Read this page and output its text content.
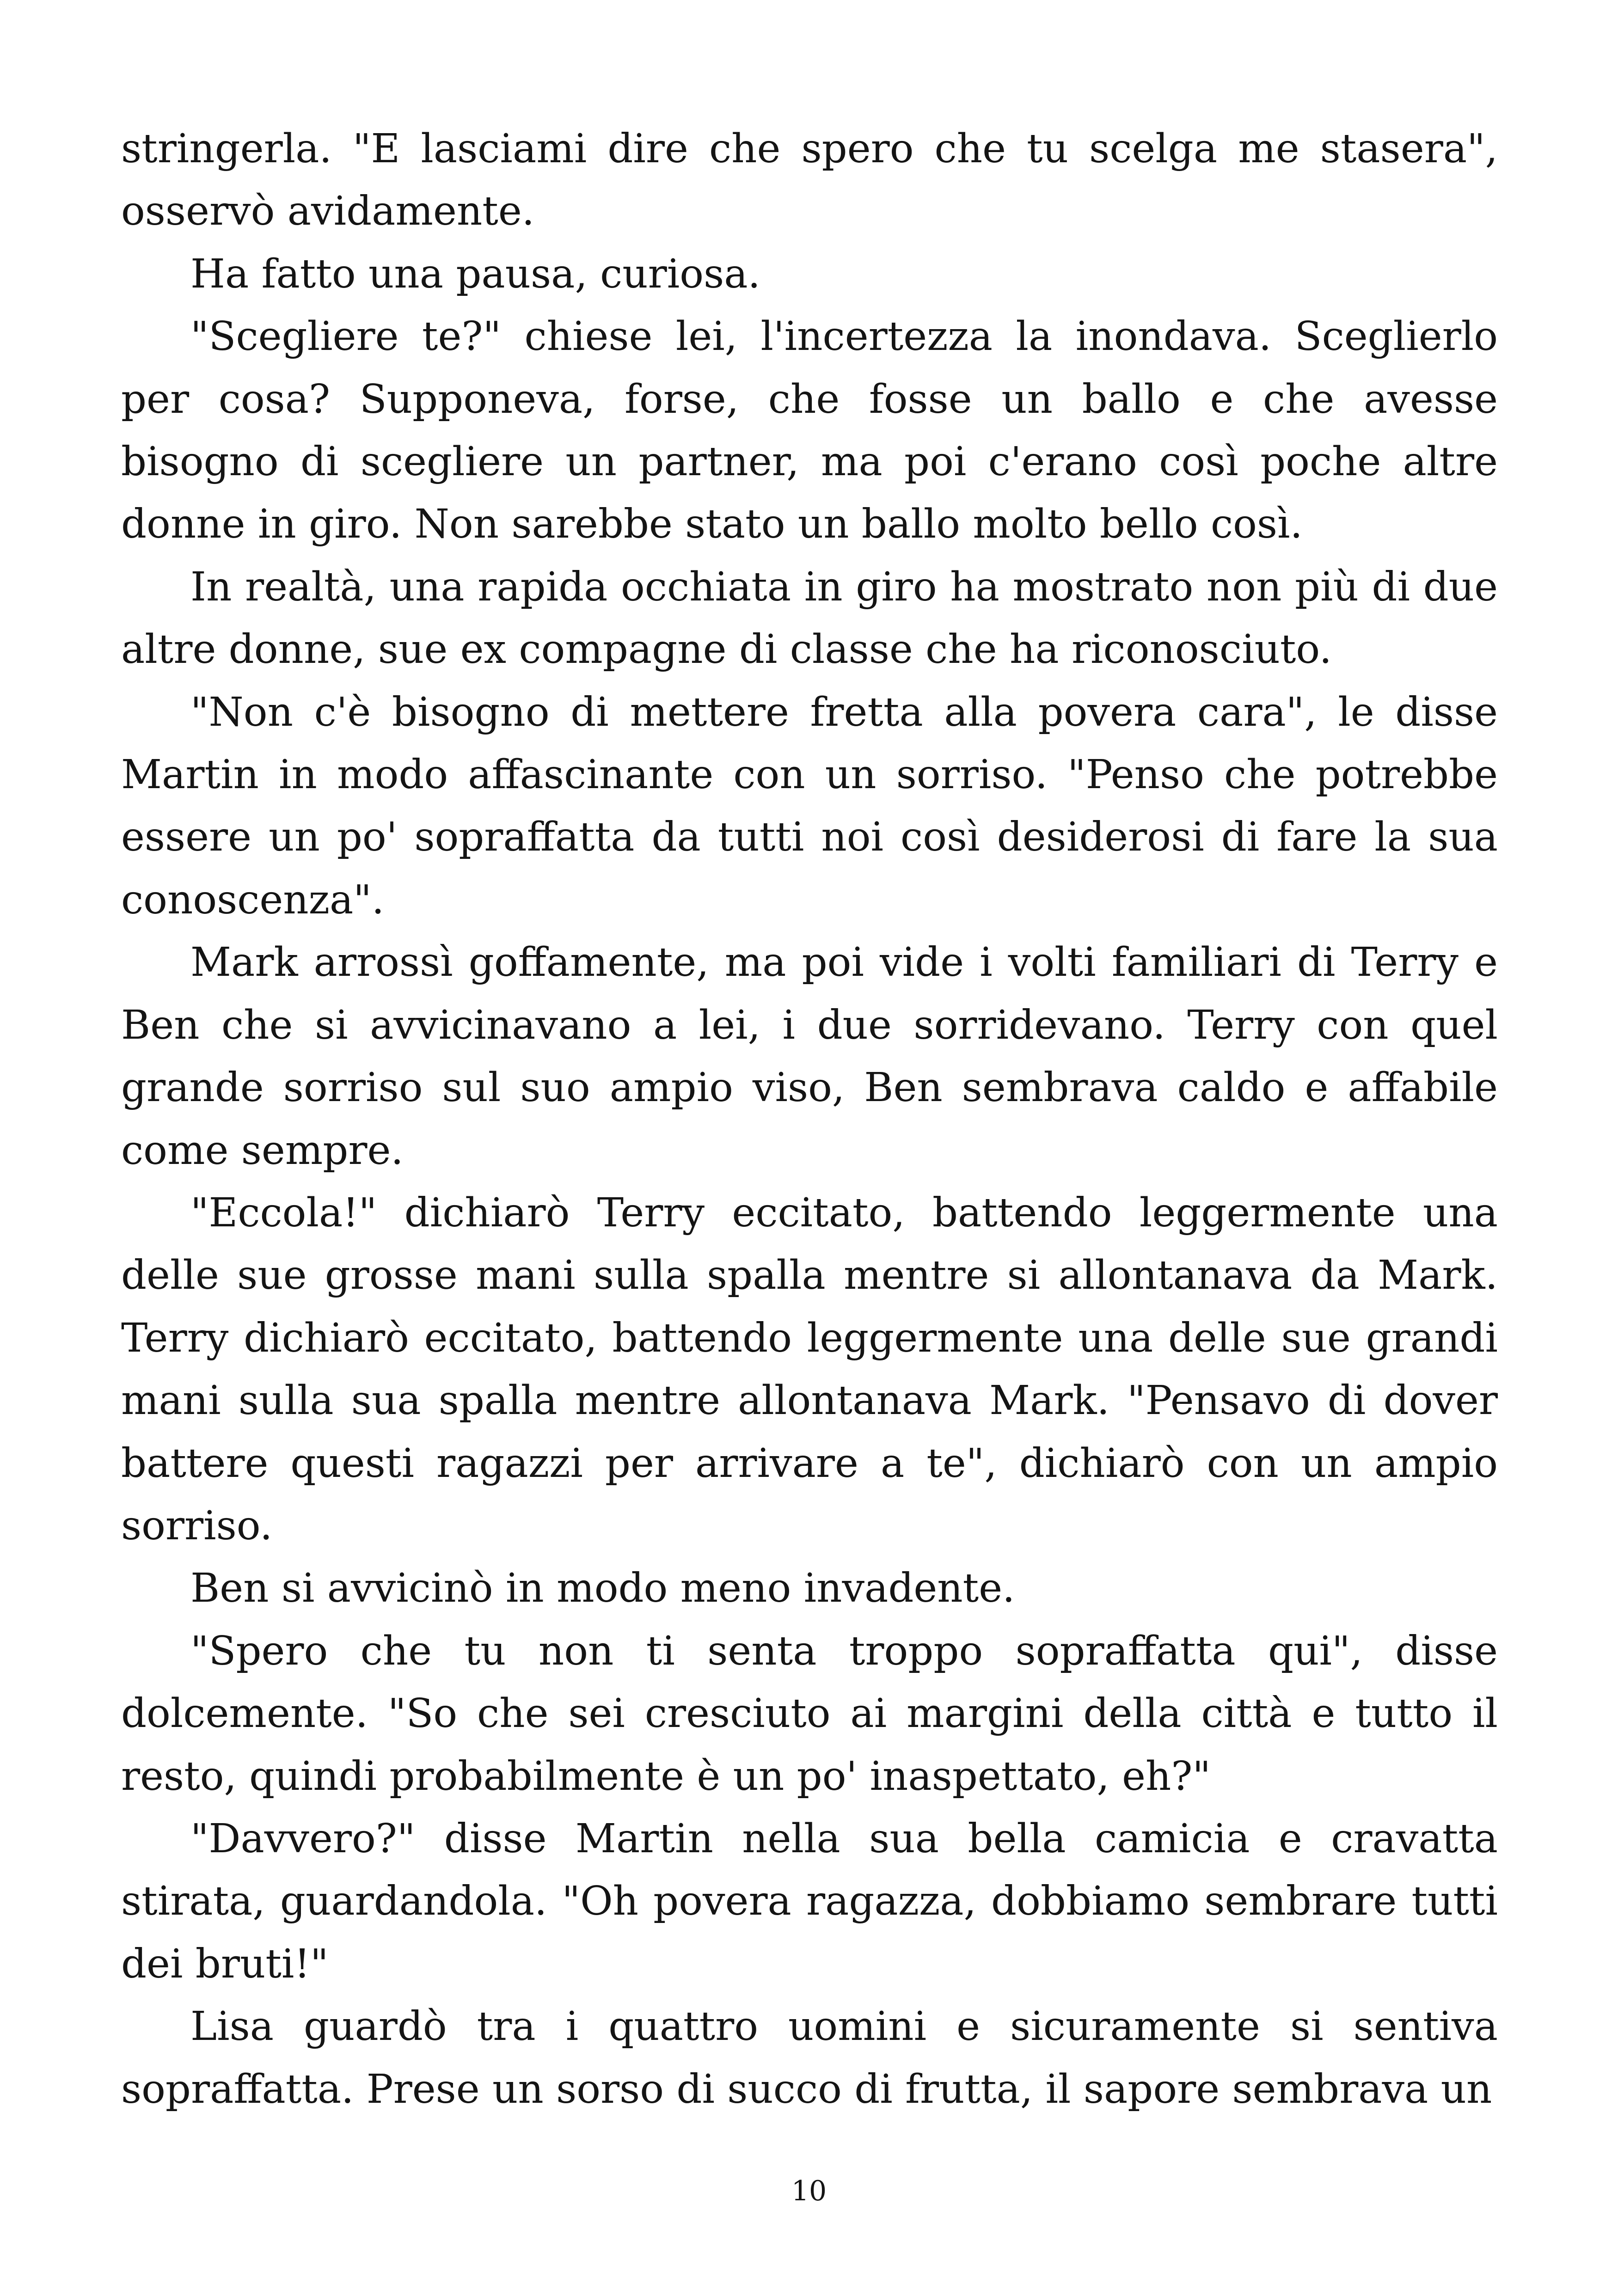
stringerla. "E lasciami dire che spero che tu scelga me stasera", osservò avidamente.

Ha fatto una pausa, curiosa.

"Scegliere te?" chiese lei, l'incertezza la inondava. Sceglierlo per cosa? Supponeva, forse, che fosse un ballo e che avesse bisogno di scegliere un partner, ma poi c'erano così poche altre donne in giro. Non sarebbe stato un ballo molto bello così.

In realtà, una rapida occhiata in giro ha mostrato non più di due altre donne, sue ex compagne di classe che ha riconosciuto.

"Non c'è bisogno di mettere fretta alla povera cara", le disse Martin in modo affascinante con un sorriso. "Penso che potrebbe essere un po' sopraffatta da tutti noi così desiderosi di fare la sua conoscenza".

Mark arrossì goffamente, ma poi vide i volti familiari di Terry e Ben che si avvicinavano a lei, i due sorridevano. Terry con quel grande sorriso sul suo ampio viso, Ben sembrava caldo e affabile come sempre.

"Eccola!" dichiarò Terry eccitato, battendo leggermente una delle sue grosse mani sulla spalla mentre si allontanava da Mark. Terry dichiarò eccitato, battendo leggermente una delle sue grandi mani sulla sua spalla mentre allontanava Mark. "Pensavo di dover battere questi ragazzi per arrivare a te", dichiarò con un ampio sorriso.

Ben si avvicinò in modo meno invadente.

"Spero che tu non ti senta troppo sopraffatta qui", disse dolcemente. "So che sei cresciuto ai margini della città e tutto il resto, quindi probabilmente è un po' inaspettato, eh?"

"Davvero?" disse Martin nella sua bella camicia e cravatta stirata, guardandola. "Oh povera ragazza, dobbiamo sembrare tutti dei bruti!"

Lisa guardò tra i quattro uomini e sicuramente si sentiva sopraffatta. Prese un sorso di succo di frutta, il sapore sembrava un

10
